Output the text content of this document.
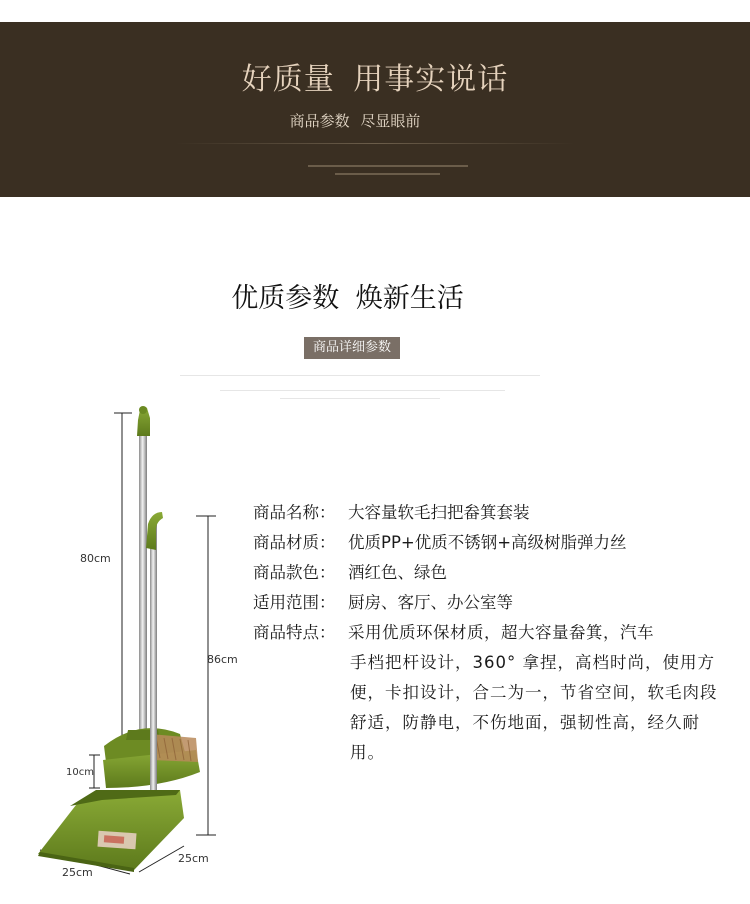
好质量 用事实说话
商品参数 尽显眼前
优质参数 焕新生活
商品详细参数
80cm
86cm
10cm
25cm
25cm
商品名称： 大容量软毛扫把畚箕套装
商品材质： 优质PP+优质不锈钢+高级树脂弹力丝
商品款色： 酒红色、绿色
适用范围： 厨房、客厅、办公室等
商品特点： 采用优质环保材质，超大容量畚箕，汽车
手档把杆设计，360° 拿捏，高档时尚，使用方便，卡扣设计，合二为一，节省空间，软毛肉段舒适，防静电，不伤地面，强韧性高，经久耐用。
